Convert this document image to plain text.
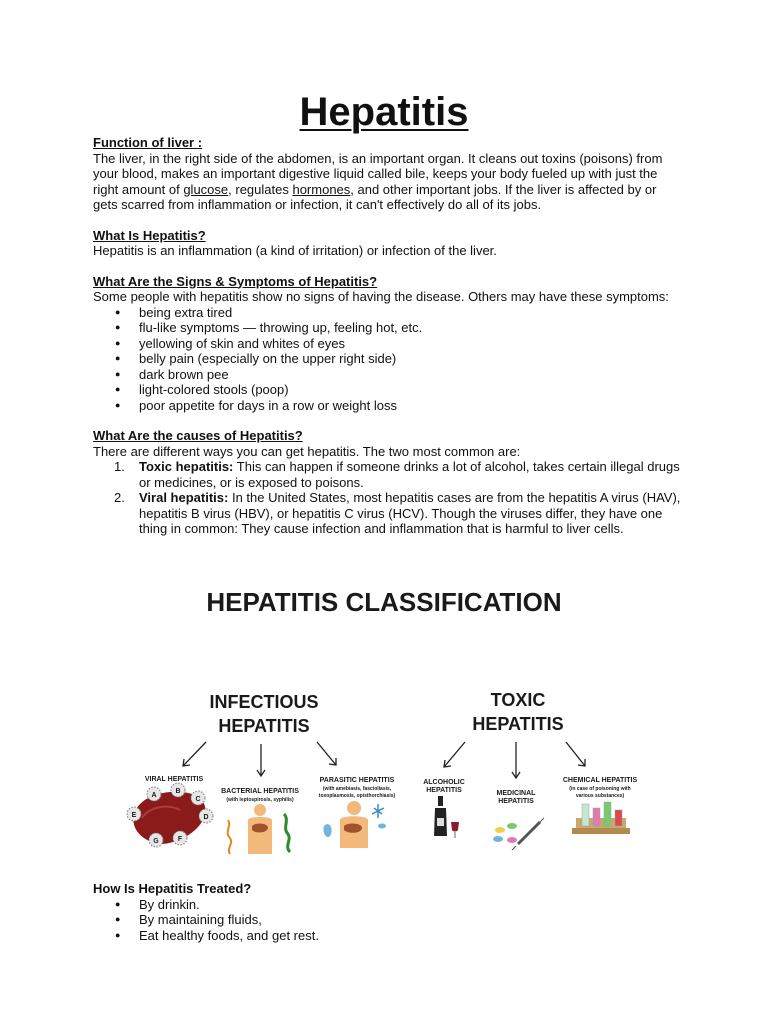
Hepatitis
Function of liver :

The liver, in the right side of the abdomen, is an important organ. It cleans out toxins (poisons) from your blood, makes an important digestive liquid called bile, keeps your body fueled up with just the right amount of glucose, regulates hormones, and other important jobs. If the liver is affected by or gets scarred from inflammation or infection, it can't effectively do all of its jobs.

What Is Hepatitis?

Hepatitis is an inflammation (a kind of irritation) or infection of the liver.

What Are the Signs & Symptoms of Hepatitis?

Some people with hepatitis show no signs of having the disease. Others may have these symptoms:

● being extra tired
● flu-like symptoms — throwing up, feeling hot, etc.
● yellowing of skin and whites of eyes
● belly pain (especially on the upper right side)
● dark brown pee
● light-colored stools (poop)
● poor appetite for days in a row or weight loss
What Are the causes of Hepatitis?

There are different ways you can get hepatitis. The two most common are:

1. Toxic hepatitis: This can happen if someone drinks a lot of alcohol, takes certain illegal drugs or medicines, or is exposed to poisons.
2. Viral hepatitis: In the United States, most hepatitis cases are from the hepatitis A virus (HAV), hepatitis B virus (HBV), or hepatitis C virus (HCV). Though the viruses differ, they have one thing in common: They cause infection and inflammation that is harmful to liver cells.
HEPATITIS CLASSIFICATION
INFECTIOUS
HEPATITIS
TOXIC
HEPATITIS
VIRAL HEPATITIS
BACTERIAL HEPATITIS
(with leptospirosis, syphilis)
PARASITIC HEPATITIS
(with amebiasis, fascioliasis,
toxoplasmosis, opisthorchiasis)
ALCOHOLIC
HEPATITIS	MEDICINAL
HEPATITIS
CHEMICAL HEPATITIS
(in case of poisoning with
various substances)
A
B
C
D
E
F
G
How Is Hepatitis Treated?
● By drinkin.
● By maintaining fluids,
● Eat healthy foods, and get rest.
